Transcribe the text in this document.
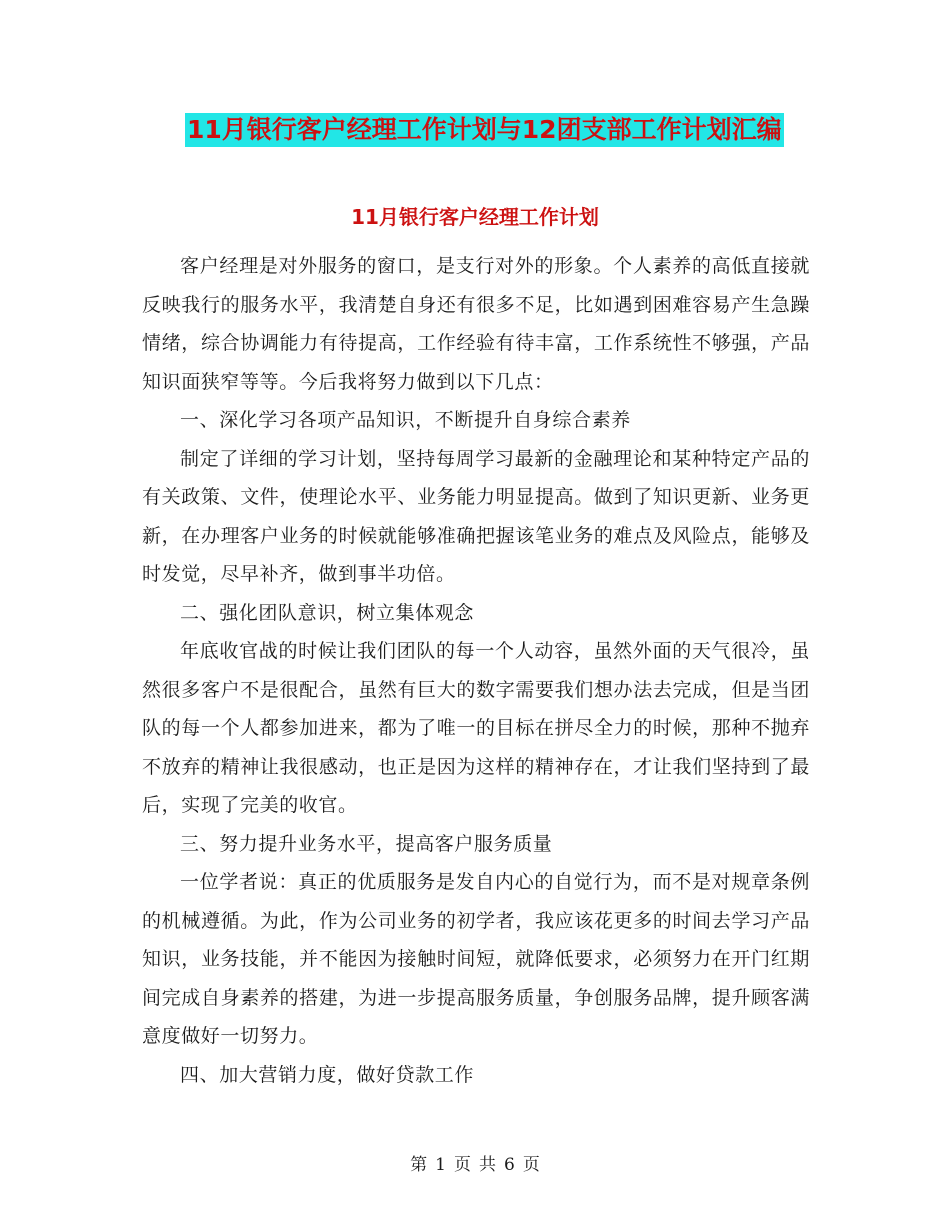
11月银行客户经理工作计划与12团支部工作计划汇编
11月银行客户经理工作计划

客户经理是对外服务的窗口，是支行对外的形象。个人素养的高低直接就反映我行的服务水平，我清楚自身还有很多不足，比如遇到困难容易产生急躁情绪，综合协调能力有待提高，工作经验有待丰富，工作系统性不够强，产品知识面狭窄等等。今后我将努力做到以下几点：

一、深化学习各项产品知识，不断提升自身综合素养

制定了详细的学习计划，坚持每周学习最新的金融理论和某种特定产品的有关政策、文件，使理论水平、业务能力明显提高。做到了知识更新、业务更新，在办理客户业务的时候就能够准确把握该笔业务的难点及风险点，能够及时发觉，尽早补齐，做到事半功倍。

二、强化团队意识，树立集体观念

年底收官战的时候让我们团队的每一个人动容，虽然外面的天气很冷，虽然很多客户不是很配合，虽然有巨大的数字需要我们想办法去完成，但是当团队的每一个人都参加进来，都为了唯一的目标在拼尽全力的时候，那种不抛弃不放弃的精神让我很感动，也正是因为这样的精神存在，才让我们坚持到了最后，实现了完美的收官。

三、努力提升业务水平，提高客户服务质量

一位学者说：真正的优质服务是发自内心的自觉行为，而不是对规章条例的机械遵循。为此，作为公司业务的初学者，我应该花更多的时间去学习产品知识，业务技能，并不能因为接触时间短，就降低要求，必须努力在开门红期间完成自身素养的搭建，为进一步提高服务质量，争创服务品牌，提升顾客满意度做好一切努力。

四、加大营销力度，做好贷款工作

第 1 页 共 6 页
